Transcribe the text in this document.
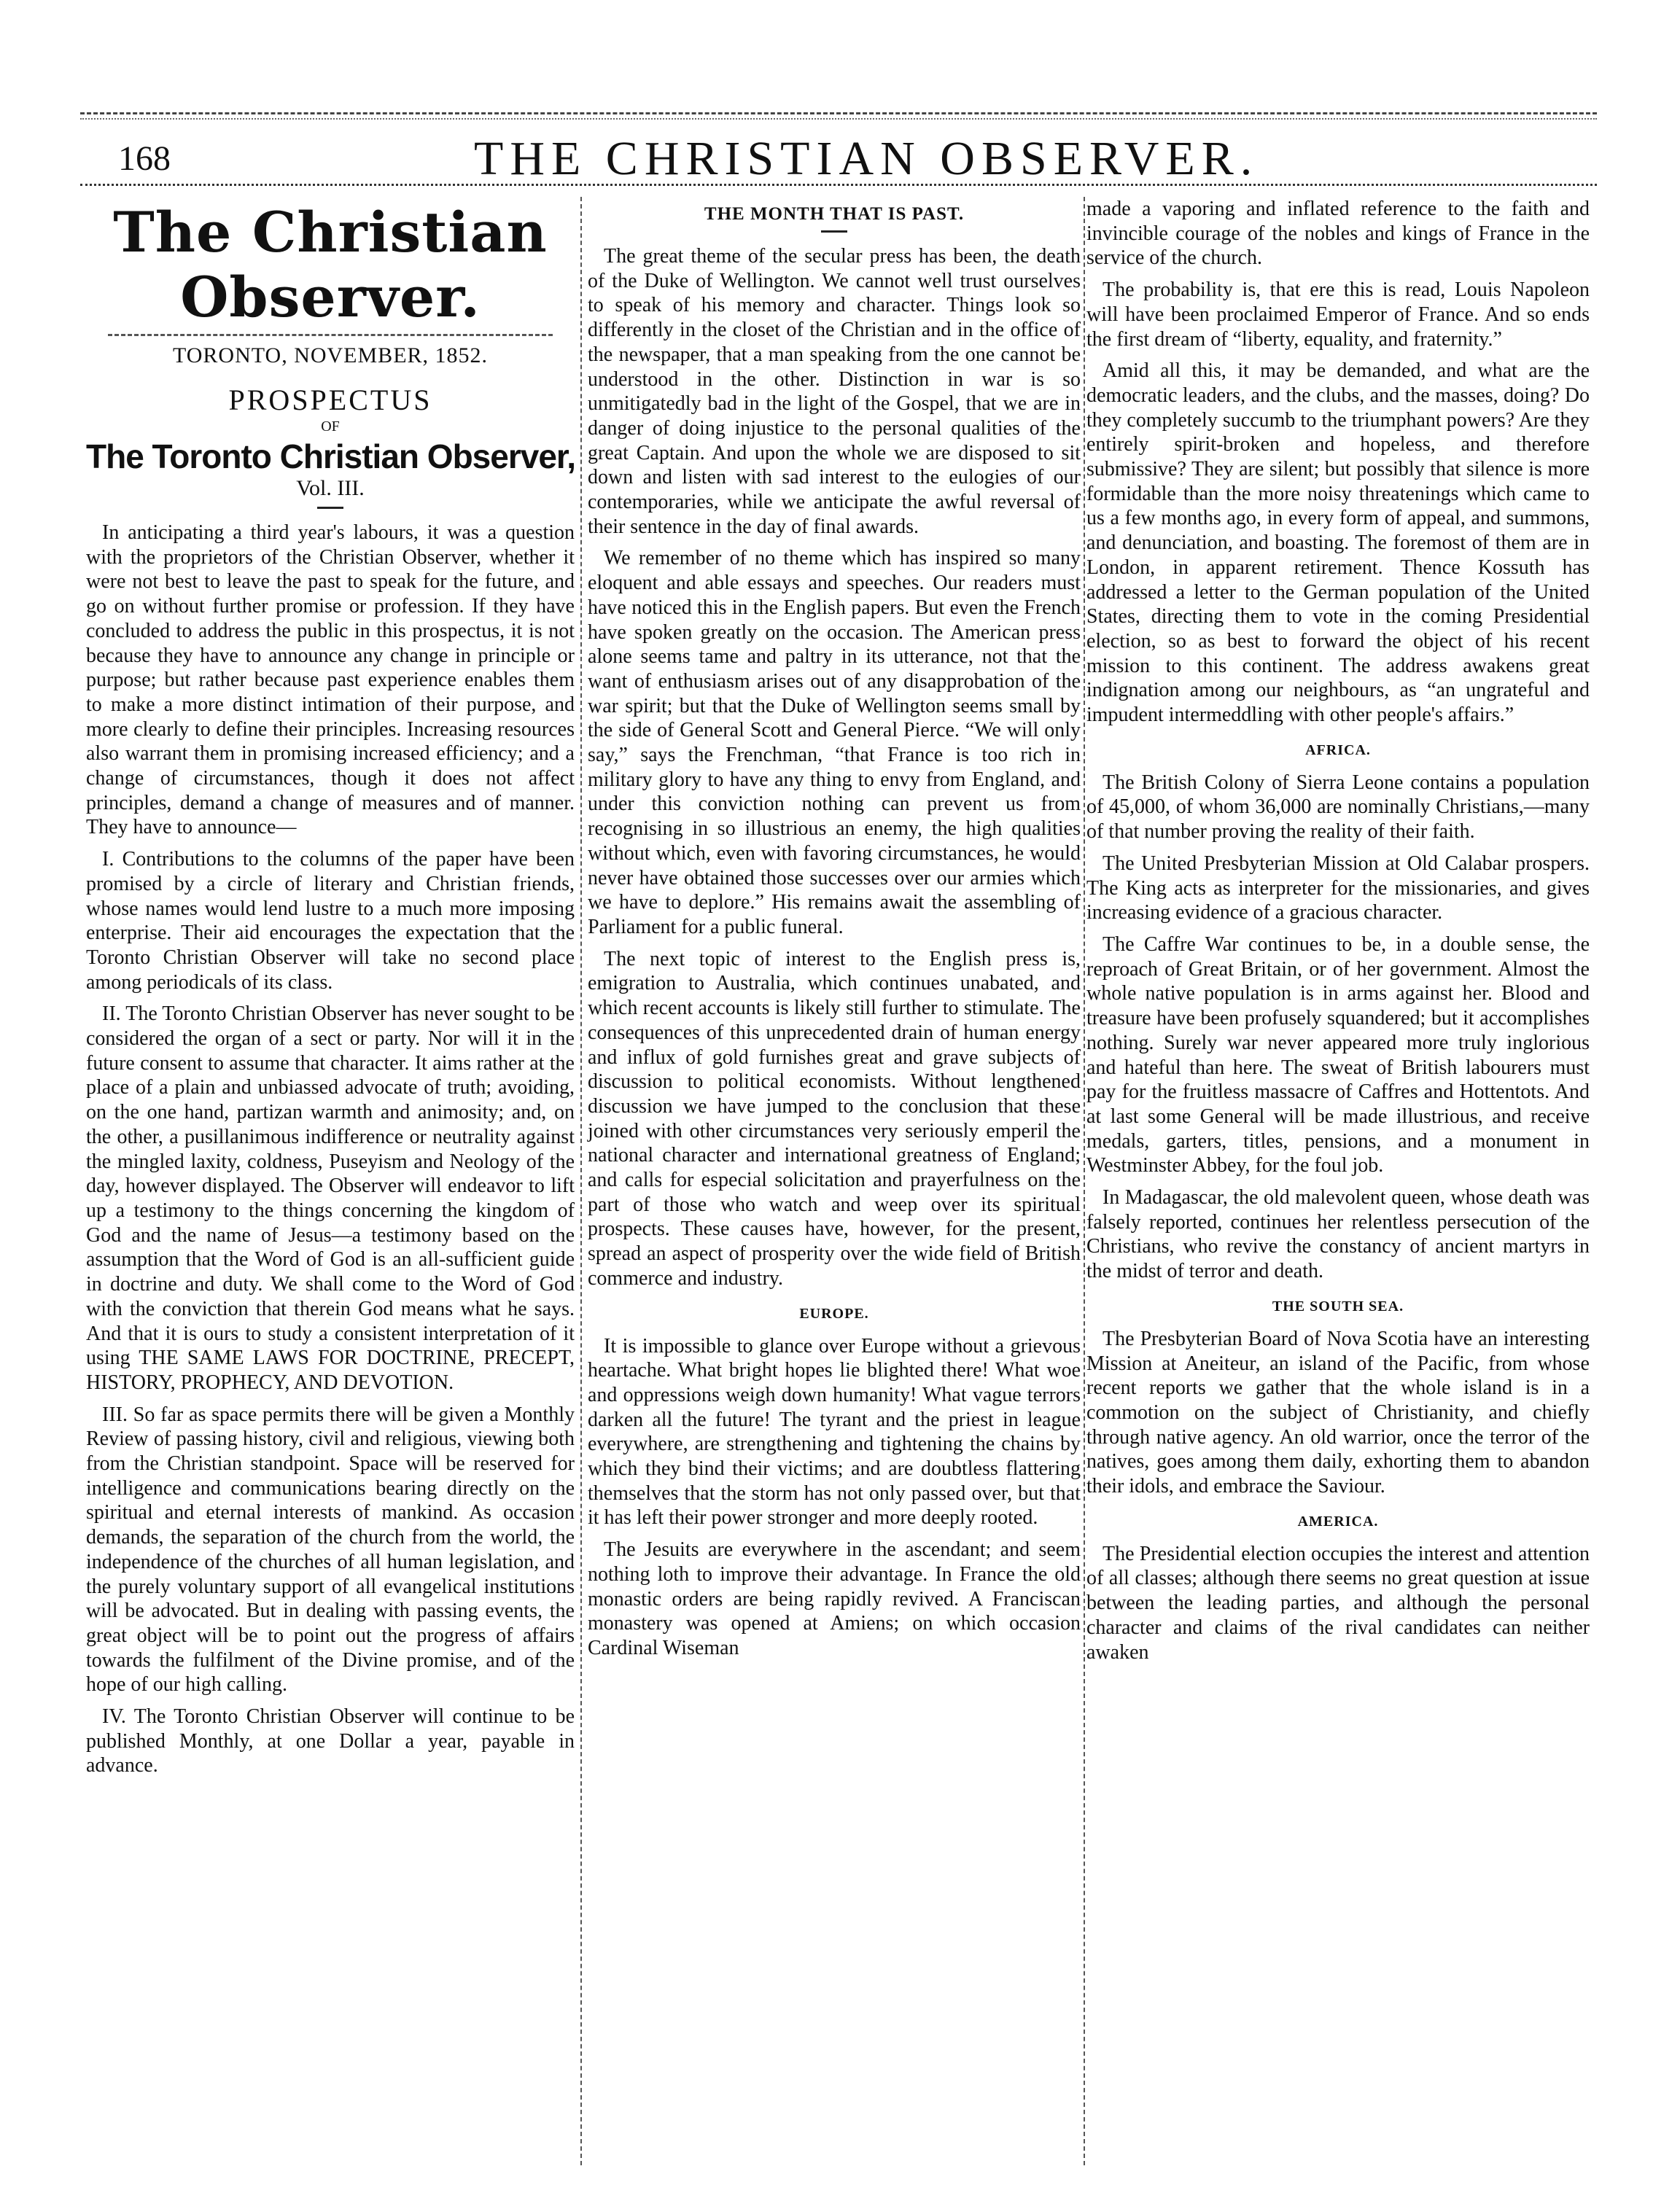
168	THE CHRISTIAN OBSERVER.
The Christian Observer.
TORONTO, NOVEMBER, 1852.
PROSPECTUS
OF
The Toronto Christian Observer,
Vol. III.

In anticipating a third year's labours, it was a question with the proprietors of the Christian Observer, whether it were not best to leave the past to speak for the future, and go on without further promise or profession. If they have concluded to address the public in this prospectus, it is not because they have to announce any change in principle or purpose; but rather because past experience enables them to make a more distinct intimation of their purpose, and more clearly to define their principles. Increasing resources also warrant them in promising increased efficiency; and a change of circumstances, though it does not affect principles, demand a change of measures and of manner. They have to announce—

I. Contributions to the columns of the paper have been promised by a circle of literary and Christian friends, whose names would lend lustre to a much more imposing enterprise. Their aid encourages the expectation that the Toronto Christian Observer will take no second place among periodicals of its class.

II. The Toronto Christian Observer has never sought to be considered the organ of a sect or party. Nor will it in the future consent to assume that character. It aims rather at the place of a plain and unbiassed advocate of truth; avoiding, on the one hand, partizan warmth and animosity; and, on the other, a pusillanimous indifference or neutrality against the mingled laxity, coldness, Puseyism and Neology of the day, however displayed. The Observer will endeavor to lift up a testimony to the things concerning the kingdom of God and the name of Jesus—a testimony based on the assumption that the Word of God is an all-sufficient guide in doctrine and duty. We shall come to the Word of God with the conviction that therein God means what he says. And that it is ours to study a consistent interpretation of it using THE SAME LAWS FOR DOCTRINE, PRECEPT, HISTORY, PROPHECY, AND DEVOTION.

III. So far as space permits there will be given a Monthly Review of passing history, civil and religious, viewing both from the Christian standpoint. Space will be reserved for intelligence and communications bearing directly on the spiritual and eternal interests of mankind. As occasion demands, the separation of the church from the world, the independence of the churches of all human legislation, and the purely voluntary support of all evangelical institutions will be advocated. But in dealing with passing events, the great object will be to point out the progress of affairs towards the fulfilment of the Divine promise, and of the hope of our high calling.

IV. The Toronto Christian Observer will continue to be published Monthly, at one Dollar a year, payable in advance.

THE MONTH THAT IS PAST.

The great theme of the secular press has been, the death of the Duke of Wellington. We cannot well trust ourselves to speak of his memory and character. Things look so differently in the closet of the Christian and in the office of the newspaper, that a man speaking from the one cannot be understood in the other. Distinction in war is so unmitigatedly bad in the light of the Gospel, that we are in danger of doing injustice to the personal qualities of the great Captain. And upon the whole we are disposed to sit down and listen with sad interest to the eulogies of our contemporaries, while we anticipate the awful reversal of their sentence in the day of final awards.

We remember of no theme which has inspired so many eloquent and able essays and speeches. Our readers must have noticed this in the English papers. But even the French have spoken greatly on the occasion. The American press alone seems tame and paltry in its utterance, not that the want of enthusiasm arises out of any disapprobation of the war spirit; but that the Duke of Wellington seems small by the side of General Scott and General Pierce. “We will only say,” says the Frenchman, “that France is too rich in military glory to have any thing to envy from England, and under this conviction nothing can prevent us from recognising in so illustrious an enemy, the high qualities without which, even with favoring circumstances, he would never have obtained those successes over our armies which we have to deplore.” His remains await the assembling of Parliament for a public funeral.

The next topic of interest to the English press is, emigration to Australia, which continues unabated, and which recent accounts is likely still further to stimulate. The consequences of this unprecedented drain of human energy and influx of gold furnishes great and grave subjects of discussion to political economists. Without lengthened discussion we have jumped to the conclusion that these joined with other circumstances very seriously emperil the national character and international greatness of England; and calls for especial solicitation and prayerfulness on the part of those who watch and weep over its spiritual prospects. These causes have, however, for the present, spread an aspect of prosperity over the wide field of British commerce and industry.

EUROPE.

It is impossible to glance over Europe without a grievous heartache. What bright hopes lie blighted there! What woe and oppressions weigh down humanity! What vague terrors darken all the future! The tyrant and the priest in league everywhere, are strengthening and tightening the chains by which they bind their victims; and are doubtless flattering themselves that the storm has not only passed over, but that it has left their power stronger and more deeply rooted.

The Jesuits are everywhere in the ascendant; and seem nothing loth to improve their advantage. In France the old monastic orders are being rapidly revived. A Franciscan monastery was opened at Amiens; on which occasion Cardinal Wiseman

made a vaporing and inflated reference to the faith and invincible courage of the nobles and kings of France in the service of the church.

The probability is, that ere this is read, Louis Napoleon will have been proclaimed Emperor of France. And so ends the first dream of “liberty, equality, and fraternity.”

Amid all this, it may be demanded, and what are the democratic leaders, and the clubs, and the masses, doing? Do they completely succumb to the triumphant powers? Are they entirely spirit-broken and hopeless, and therefore submissive? They are silent; but possibly that silence is more formidable than the more noisy threatenings which came to us a few months ago, in every form of appeal, and summons, and denunciation, and boasting. The foremost of them are in London, in apparent retirement. Thence Kossuth has addressed a letter to the German population of the United States, directing them to vote in the coming Presidential election, so as best to forward the object of his recent mission to this continent. The address awakens great indignation among our neighbours, as “an ungrateful and impudent intermeddling with other people's affairs.”

AFRICA.

The British Colony of Sierra Leone contains a population of 45,000, of whom 36,000 are nominally Christians,—many of that number proving the reality of their faith.

The United Presbyterian Mission at Old Calabar prospers. The King acts as interpreter for the missionaries, and gives increasing evidence of a gracious character.

The Caffre War continues to be, in a double sense, the reproach of Great Britain, or of her government. Almost the whole native population is in arms against her. Blood and treasure have been profusely squandered; but it accomplishes nothing. Surely war never appeared more truly inglorious and hateful than here. The sweat of British labourers must pay for the fruitless massacre of Caffres and Hottentots. And at last some General will be made illustrious, and receive medals, garters, titles, pensions, and a monument in Westminster Abbey, for the foul job.

In Madagascar, the old malevolent queen, whose death was falsely reported, continues her relentless persecution of the Christians, who revive the constancy of ancient martyrs in the midst of terror and death.

THE SOUTH SEA.

The Presbyterian Board of Nova Scotia have an interesting Mission at Aneiteur, an island of the Pacific, from whose recent reports we gather that the whole island is in a commotion on the subject of Christianity, and chiefly through native agency. An old warrior, once the terror of the natives, goes among them daily, exhorting them to abandon their idols, and embrace the Saviour.

AMERICA.

The Presidential election occupies the interest and attention of all classes; although there seems no great question at issue between the leading parties, and although the personal character and claims of the rival candidates can neither awaken
